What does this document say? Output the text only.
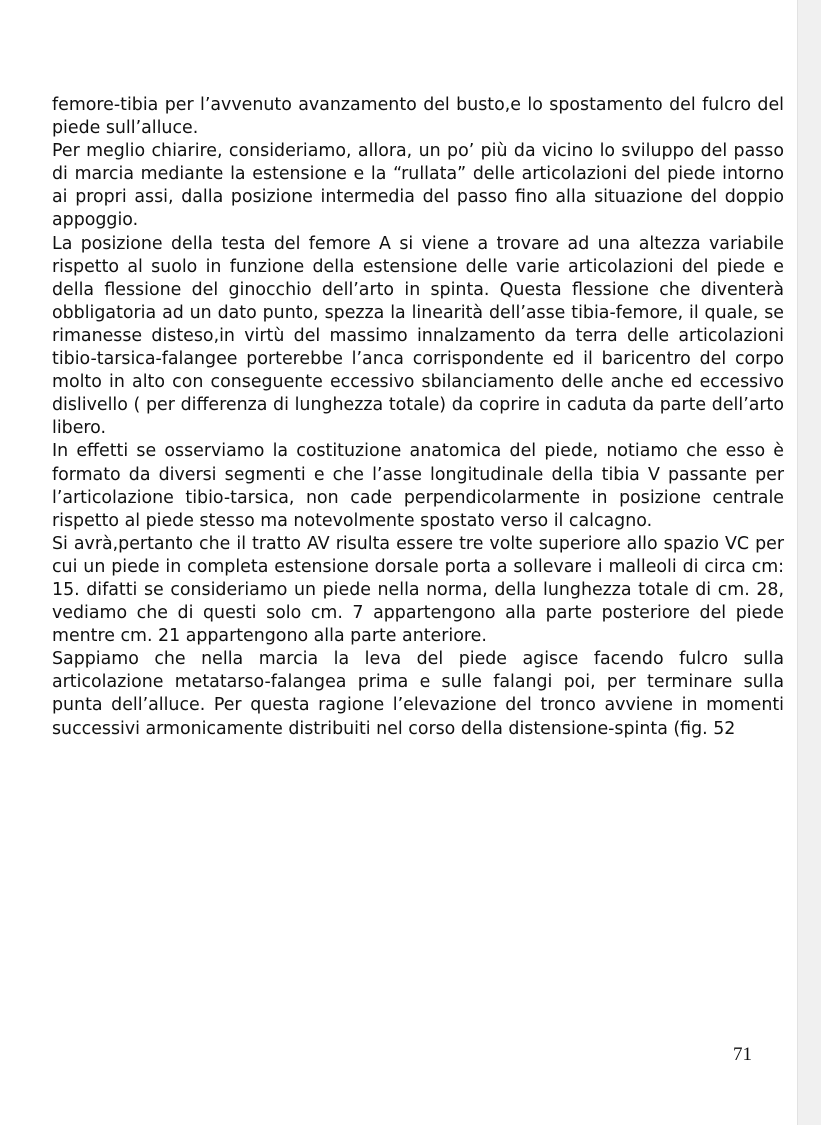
femore-tibia per l’avvenuto avanzamento del busto,e lo spostamento del fulcro del piede sull’alluce.

Per meglio chiarire, consideriamo, allora, un po’ più da vicino lo sviluppo del passo di marcia mediante la estensione e la “rullata” delle articolazioni del piede intorno ai propri assi, dalla posizione intermedia del passo fino alla situazione del doppio appoggio.

La posizione della testa del femore A si viene a trovare ad una altezza variabile rispetto al suolo in funzione della estensione delle varie articolazioni del piede e della flessione del ginocchio dell’arto in spinta. Questa flessione che diventerà obbligatoria ad un dato punto, spezza la linearità dell’asse tibia-femore, il quale, se rimanesse disteso,in virtù del massimo innalzamento da terra delle articolazioni tibio-tarsica-falangee porterebbe l’anca corrispondente ed il baricentro del corpo molto in alto con conseguente eccessivo sbilanciamento delle anche ed eccessivo dislivello ( per differenza di lunghezza totale) da coprire in caduta da parte dell’arto libero.

In effetti se osserviamo la costituzione anatomica del piede, notiamo che esso è formato da diversi segmenti e che l’asse longitudinale della tibia V passante per l’articolazione tibio-tarsica, non cade perpendicolarmente in posizione centrale rispetto al piede stesso ma notevolmente spostato verso il calcagno.

Si avrà,pertanto che il tratto AV risulta essere tre volte superiore allo spazio VC per cui un piede in completa estensione dorsale porta a sollevare i malleoli di circa cm: 15. difatti se consideriamo un piede nella norma, della lunghezza totale di cm. 28, vediamo che di questi solo cm. 7 appartengono alla parte posteriore del piede mentre cm. 21 appartengono alla parte anteriore.

Sappiamo che nella marcia la leva del piede agisce facendo fulcro sulla articolazione metatarso-falangea prima e sulle falangi poi, per terminare sulla punta dell’alluce. Per questa ragione l’elevazione del tronco avviene in momenti successivi armonicamente distribuiti nel corso della distensione-spinta (fig. 52

71
